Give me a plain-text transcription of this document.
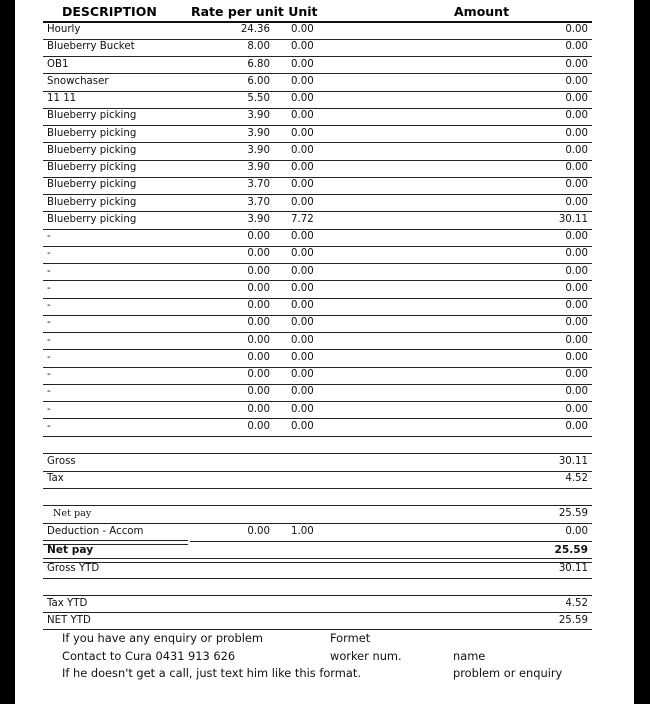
DESCRIPTION	Rate per unit Unit	Amount
Hourly	24.36 0.00	0.00
Blueberry Bucket	8.00 0.00	0.00
OB1	6.80 0.00	0.00
Snowchaser	6.00 0.00	0.00
11 11	5.50 0.00	0.00
Blueberry picking	3.90 0.00	0.00
Blueberry picking	3.90 0.00	0.00
Blueberry picking	3.90 0.00	0.00
Blueberry picking	3.90 0.00	0.00
Blueberry picking	3.70 0.00	0.00
Blueberry picking	3.70 0.00	0.00
Blueberry picking	3.90 7.72	30.11
-	0.00 0.00	0.00
-	0.00 0.00	0.00
-	0.00 0.00	0.00
-	0.00 0.00	0.00
-	0.00 0.00	0.00
-	0.00 0.00	0.00
-	0.00 0.00	0.00
-	0.00 0.00	0.00
-	0.00 0.00	0.00
-	0.00 0.00	0.00
-	0.00 0.00	0.00
-	0.00 0.00	0.00
Gross	30.11
Tax	4.52
Net pay	25.59
Deduction - Accom	0.00 1.00	0.00
Net pay	25.59
Gross YTD	30.11
Tax YTD	4.52
NET YTD	25.59
If you have any enquiry or problem
Contact to Cura 0431 913 626
If he doesn't get a call, just text him like this format.
Formet
worker num.	name
problem or enquiry
